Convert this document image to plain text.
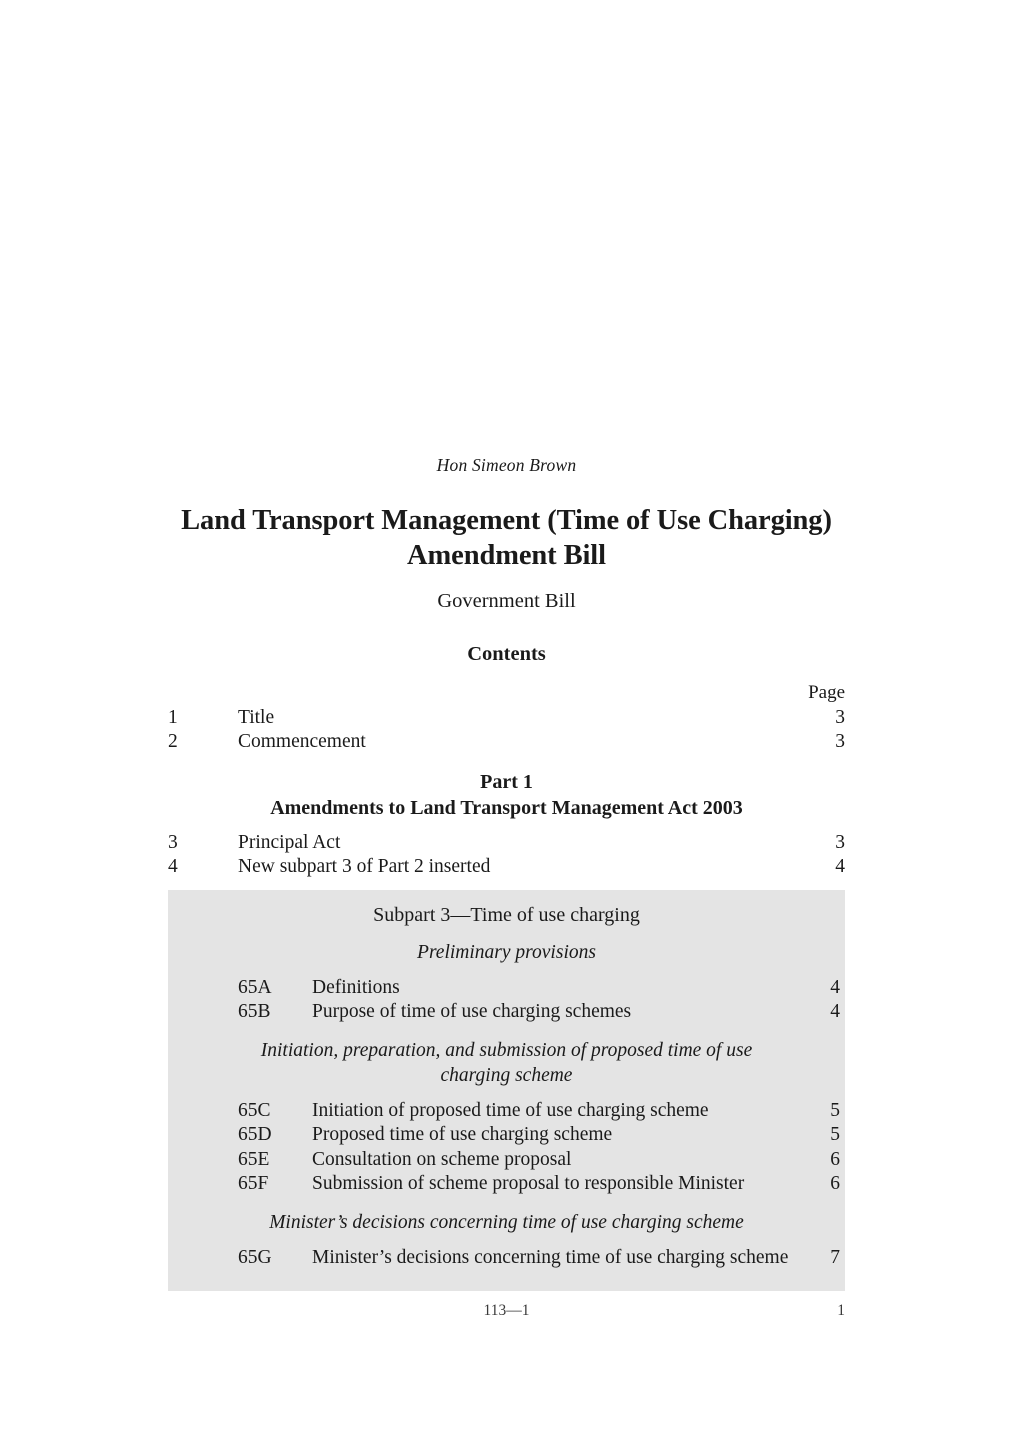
Hon Simeon Brown
Land Transport Management (Time of Use Charging) Amendment Bill
Government Bill
Contents
Page
1	Title	3
2	Commencement	3
Part 1
Amendments to Land Transport Management Act 2003
3	Principal Act	3
4	New subpart 3 of Part 2 inserted	4
Subpart 3—Time of use charging
Preliminary provisions
65A	Definitions	4
65B	Purpose of time of use charging schemes	4
Initiation, preparation, and submission of proposed time of use charging scheme
65C	Initiation of proposed time of use charging scheme	5
65D	Proposed time of use charging scheme	5
65E	Consultation on scheme proposal	6
65F	Submission of scheme proposal to responsible Minister	6
Minister’s decisions concerning time of use charging scheme
65G	Minister’s decisions concerning time of use charging scheme	7
113—1	1
